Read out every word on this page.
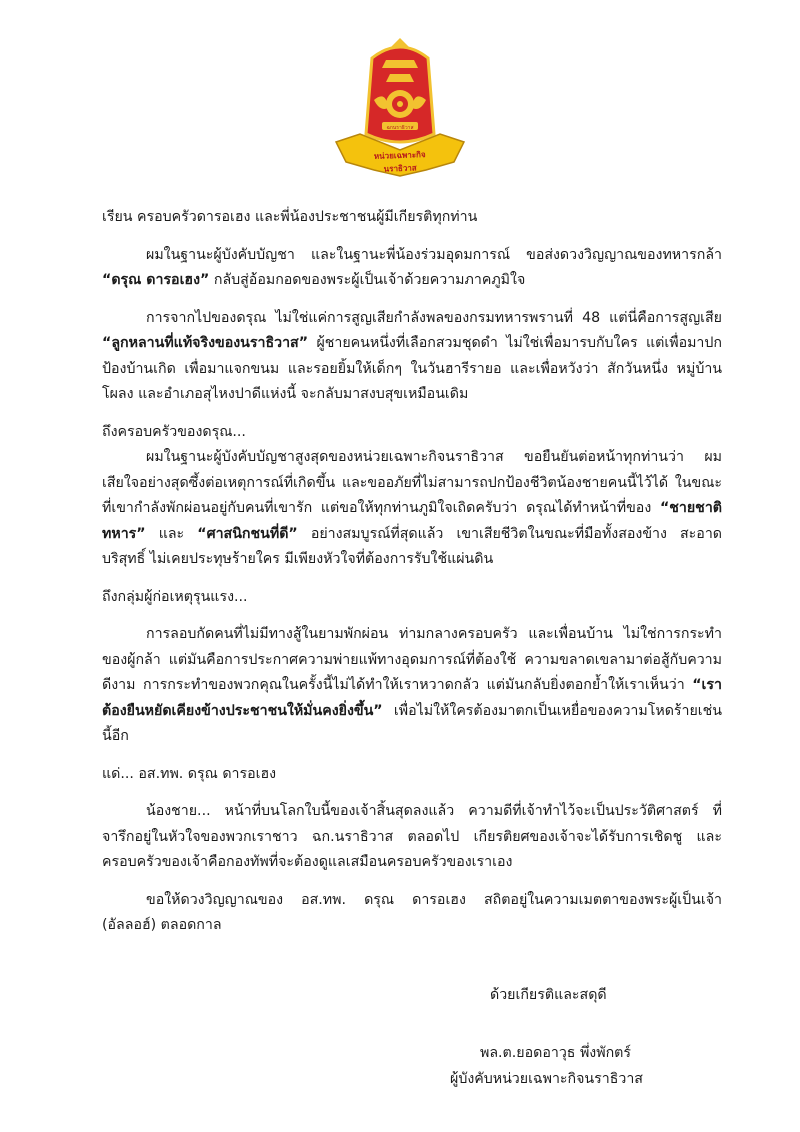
หน่วยเฉพาะกิจนราธิวาส
ฉกนราธิวาส

เรียน ครอบครัวดารอเฮง และพี่น้องประชาชนผู้มีเกียรติทุกท่าน

ผมในฐานะผู้บังคับบัญชา และในฐานะพี่น้องร่วมอุดมการณ์ ขอส่งดวงวิญญาณของทหารกล้า “ดรุณ ดารอเฮง” กลับสู่อ้อมกอดของพระผู้เป็นเจ้าด้วยความภาคภูมิใจ

การจากไปของดรุณ ไม่ใช่แค่การสูญเสียกำลังพลของกรมทหารพรานที่ 48 แต่นี่คือการสูญเสีย “ลูกหลานที่แท้จริงของนราธิวาส” ผู้ชายคนหนึ่งที่เลือกสวมชุดดำ ไม่ใช่เพื่อมารบกับใคร แต่เพื่อมาปกป้องบ้านเกิด เพื่อมาแจกขนม และรอยยิ้มให้เด็กๆ ในวันฮารีรายอ และเพื่อหวังว่า สักวันหนึ่ง หมู่บ้านโผลง และอำเภอสุไหงปาดีแห่งนี้ จะกลับมาสงบสุขเหมือนเดิม

ถึงครอบครัวของดรุณ...

ผมในฐานะผู้บังคับบัญชาสูงสุดของหน่วยเฉพาะกิจนราธิวาส ขอยืนยันต่อหน้าทุกท่านว่า ผมเสียใจอย่างสุดซึ้งต่อเหตุการณ์ที่เกิดขึ้น และขออภัยที่ไม่สามารถปกป้องชีวิตน้องชายคนนี้ไว้ได้ ในขณะที่เขากำลังพักผ่อนอยู่กับคนที่เขารัก แต่ขอให้ทุกท่านภูมิใจเถิดครับว่า ดรุณได้ทำหน้าที่ของ “ชายชาติทหาร” และ “ศาสนิกชนที่ดี” อย่างสมบูรณ์ที่สุดแล้ว เขาเสียชีวิตในขณะที่มือทั้งสองข้าง สะอาดบริสุทธิ์ ไม่เคยประทุษร้ายใคร มีเพียงหัวใจที่ต้องการรับใช้แผ่นดิน

ถึงกลุ่มผู้ก่อเหตุรุนแรง...

การลอบกัดคนที่ไม่มีทางสู้ในยามพักผ่อน ท่ามกลางครอบครัว และเพื่อนบ้าน ไม่ใช่การกระทำของผู้กล้า แต่มันคือการประกาศความพ่ายแพ้ทางอุดมการณ์ที่ต้องใช้ ความขลาดเขลามาต่อสู้กับความดีงาม การกระทำของพวกคุณในครั้งนี้ไม่ได้ทำให้เราหวาดกลัว แต่มันกลับยิ่งตอกย้ำให้เราเห็นว่า “เราต้องยืนหยัดเคียงข้างประชาชนให้มั่นคงยิ่งขึ้น” เพื่อไม่ให้ใครต้องมาตกเป็นเหยื่อของความโหดร้ายเช่นนี้อีก

แด่... อส.ทพ. ดรุณ ดารอเฮง

น้องชาย... หน้าที่บนโลกใบนี้ของเจ้าสิ้นสุดลงแล้ว ความดีที่เจ้าทำไว้จะเป็นประวัติศาสตร์ ที่จารึกอยู่ในหัวใจของพวกเราชาว ฉก.นราธิวาส ตลอดไป เกียรติยศของเจ้าจะได้รับการเชิดชู และ ครอบครัวของเจ้าคือกองทัพที่จะต้องดูแลเสมือนครอบครัวของเราเอง

ขอให้ดวงวิญญาณของ อส.ทพ. ดรุณ ดารอเฮง สถิตอยู่ในความเมตตาของพระผู้เป็นเจ้า (อัลลอฮ์) ตลอดกาล

ด้วยเกียรติและสดุดี
พล.ต.ยอดอาวุธ พึ่งพักตร์
ผู้บังคับหน่วยเฉพาะกิจนราธิวาส
